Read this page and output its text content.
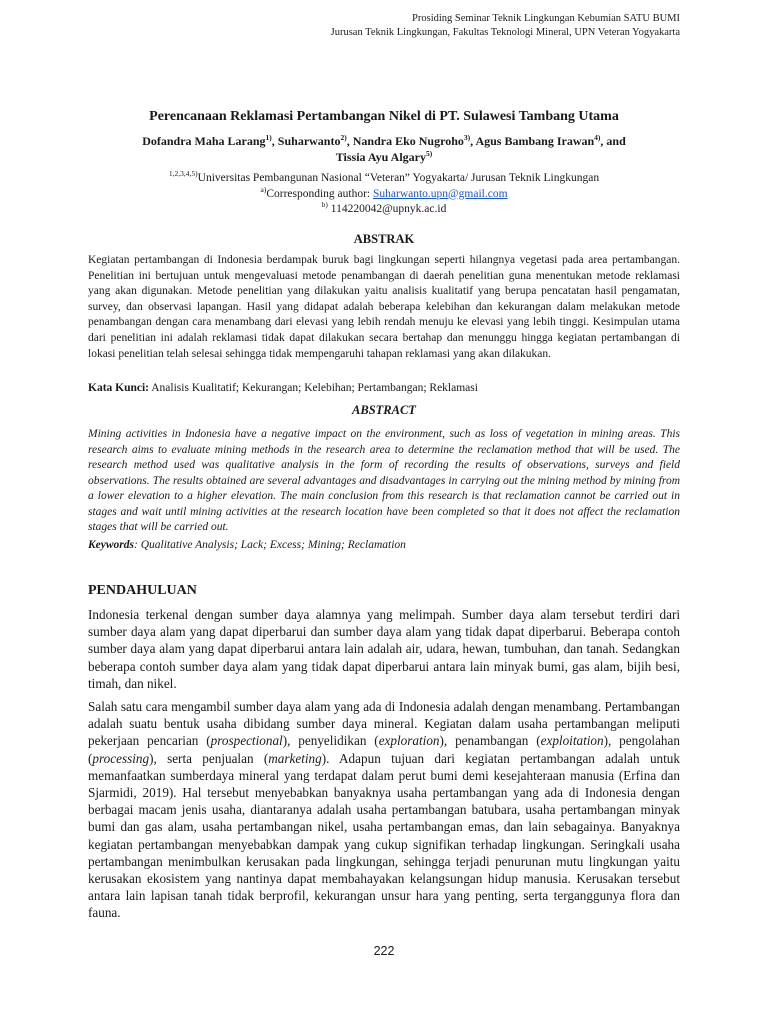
Prosiding Seminar Teknik Lingkungan Kebumian SATU BUMI
Jurusan Teknik Lingkungan, Fakultas Teknologi Mineral, UPN Veteran Yogyakarta
Perencanaan Reklamasi Pertambangan Nikel di PT. Sulawesi Tambang Utama
Dofandra Maha Larang$^{1)}$, Suharwanto$^{2)}$, Nandra Eko Nugroho$^{3)}$, Agus Bambang Irawan$^{4)}$, and
Tissia Ayu Algary$^{5)}$
$^{1,2,3,4,5)}$Universitas Pembangunan Nasional “Veteran” Yogyakarta/ Jurusan Teknik Lingkungan
$^{a)}$Corresponding author: Suharwanto.upn@gmail.com
$^{b)}$ 114220042@upnyk.ac.id
ABSTRAK
Kegiatan pertambangan di Indonesia berdampak buruk bagi lingkungan seperti hilangnya vegetasi pada area pertambangan. Penelitian ini bertujuan untuk mengevaluasi metode penambangan di daerah penelitian guna menentukan metode reklamasi yang akan digunakan. Metode penelitian yang dilakukan yaitu analisis kualitatif yang berupa pencatatan hasil pengamatan, survey, dan observasi lapangan. Hasil yang didapat adalah beberapa kelebihan dan kekurangan dalam melakukan metode penambangan dengan cara menambang dari elevasi yang lebih rendah menuju ke elevasi yang lebih tinggi. Kesimpulan utama dari penelitian ini adalah reklamasi tidak dapat dilakukan secara bertahap dan menunggu hingga kegiatan pertambangan di lokasi penelitian telah selesai sehingga tidak mempengaruhi tahapan reklamasi yang akan dilakukan.
Kata Kunci: Analisis Kualitatif; Kekurangan; Kelebihan; Pertambangan; Reklamasi
ABSTRACT
Mining activities in Indonesia have a negative impact on the environment, such as loss of vegetation in mining areas. This research aims to evaluate mining methods in the research area to determine the reclamation method that will be used. The research method used was qualitative analysis in the form of recording the results of observations, surveys and field observations. The results obtained are several advantages and disadvantages in carrying out the mining method by mining from a lower elevation to a higher elevation. The main conclusion from this research is that reclamation cannot be carried out in stages and wait until mining activities at the research location have been completed so that it does not affect the reclamation stages that will be carried out.
Keywords: Qualitative Analysis; Lack; Excess; Mining; Reclamation
PENDAHULUAN
Indonesia terkenal dengan sumber daya alamnya yang melimpah. Sumber daya alam tersebut terdiri dari sumber daya alam yang dapat diperbarui dan sumber daya alam yang tidak dapat diperbarui. Beberapa contoh sumber daya alam yang dapat diperbarui antara lain adalah air, udara, hewan, tumbuhan, dan tanah. Sedangkan beberapa contoh sumber daya alam yang tidak dapat diperbarui antara lain minyak bumi, gas alam, bijih besi, timah, dan nikel.
Salah satu cara mengambil sumber daya alam yang ada di Indonesia adalah dengan menambang. Pertambangan adalah suatu bentuk usaha dibidang sumber daya mineral. Kegiatan dalam usaha pertambangan meliputi pekerjaan pencarian (prospectional), penyelidikan (exploration), penambangan (exploitation), pengolahan (processing), serta penjualan (marketing). Adapun tujuan dari kegiatan pertambangan adalah untuk memanfaatkan sumberdaya mineral yang terdapat dalam perut bumi demi kesejahteraan manusia (Erfina dan Sjarmidi, 2019). Hal tersebut menyebabkan banyaknya usaha pertambangan yang ada di Indonesia dengan berbagai macam jenis usaha, diantaranya adalah usaha pertambangan batubara, usaha pertambangan minyak bumi dan gas alam, usaha pertambangan nikel, usaha pertambangan emas, dan lain sebagainya. Banyaknya kegiatan pertambangan menyebabkan dampak yang cukup signifikan terhadap lingkungan. Seringkali usaha pertambangan menimbulkan kerusakan pada lingkungan, sehingga terjadi penurunan mutu lingkungan yaitu kerusakan ekosistem yang nantinya dapat membahayakan kelangsungan hidup manusia. Kerusakan tersebut antara lain lapisan tanah tidak berprofil, kekurangan unsur hara yang penting, serta terganggunya flora dan fauna.
222
